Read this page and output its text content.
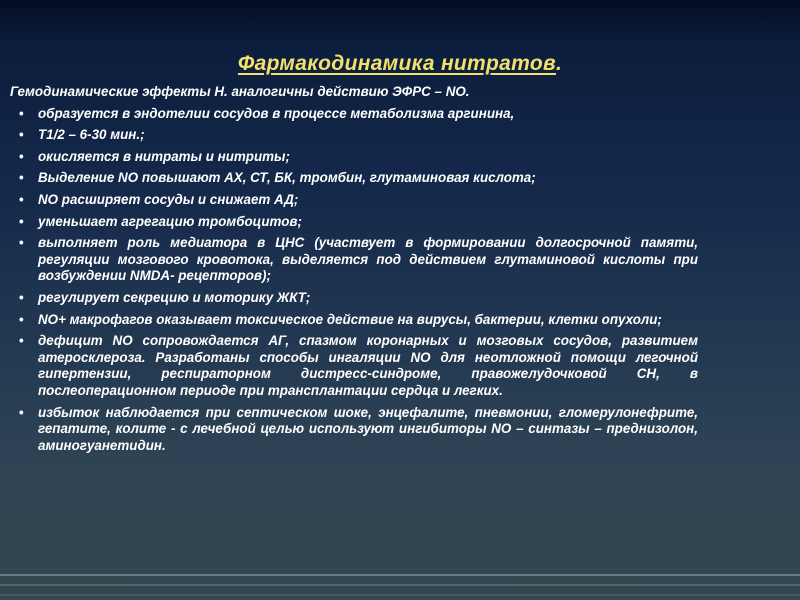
Фармакодинамика нитратов.

Гемодинамические эффекты Н. аналогичны действию ЭФРС – NO.

• образуется в эндотелии сосудов в процессе метаболизма аргинина,
• T1/2 – 6-30 мин.;
• окисляется в нитраты и нитриты;
• Выделение NO повышают АХ, СТ, БК, тромбин, глутаминовая кислота;
• NO расширяет сосуды и снижает АД;
• уменьшает агрегацию тромбоцитов;
• выполняет роль медиатора в ЦНС (участвует в формировании долгосрочной памяти, регуляции мозгового кровотока, выделяется под действием глутаминовой кислоты при возбуждении NMDA- рецепторов);
• регулирует секрецию и моторику ЖКТ;
• NO+ макрофагов оказывает токсическое действие на вирусы, бактерии, клетки опухоли;
• дефицит NO сопровождается АГ, спазмом коронарных и мозговых сосудов, развитием атеросклероза. Разработаны способы ингаляции NO для неотложной помощи легочной гипертензии, респираторном дистресс-синдроме, правожелудочковой СН, в послеоперационном периоде при трансплантации сердца и легких.
• избыток наблюдается при септическом шоке, энцефалите, пневмонии, гломерулонефрите, гепатите, колите - с лечебной целью используют ингибиторы NO – синтазы – преднизолон, аминогуанетидин.
